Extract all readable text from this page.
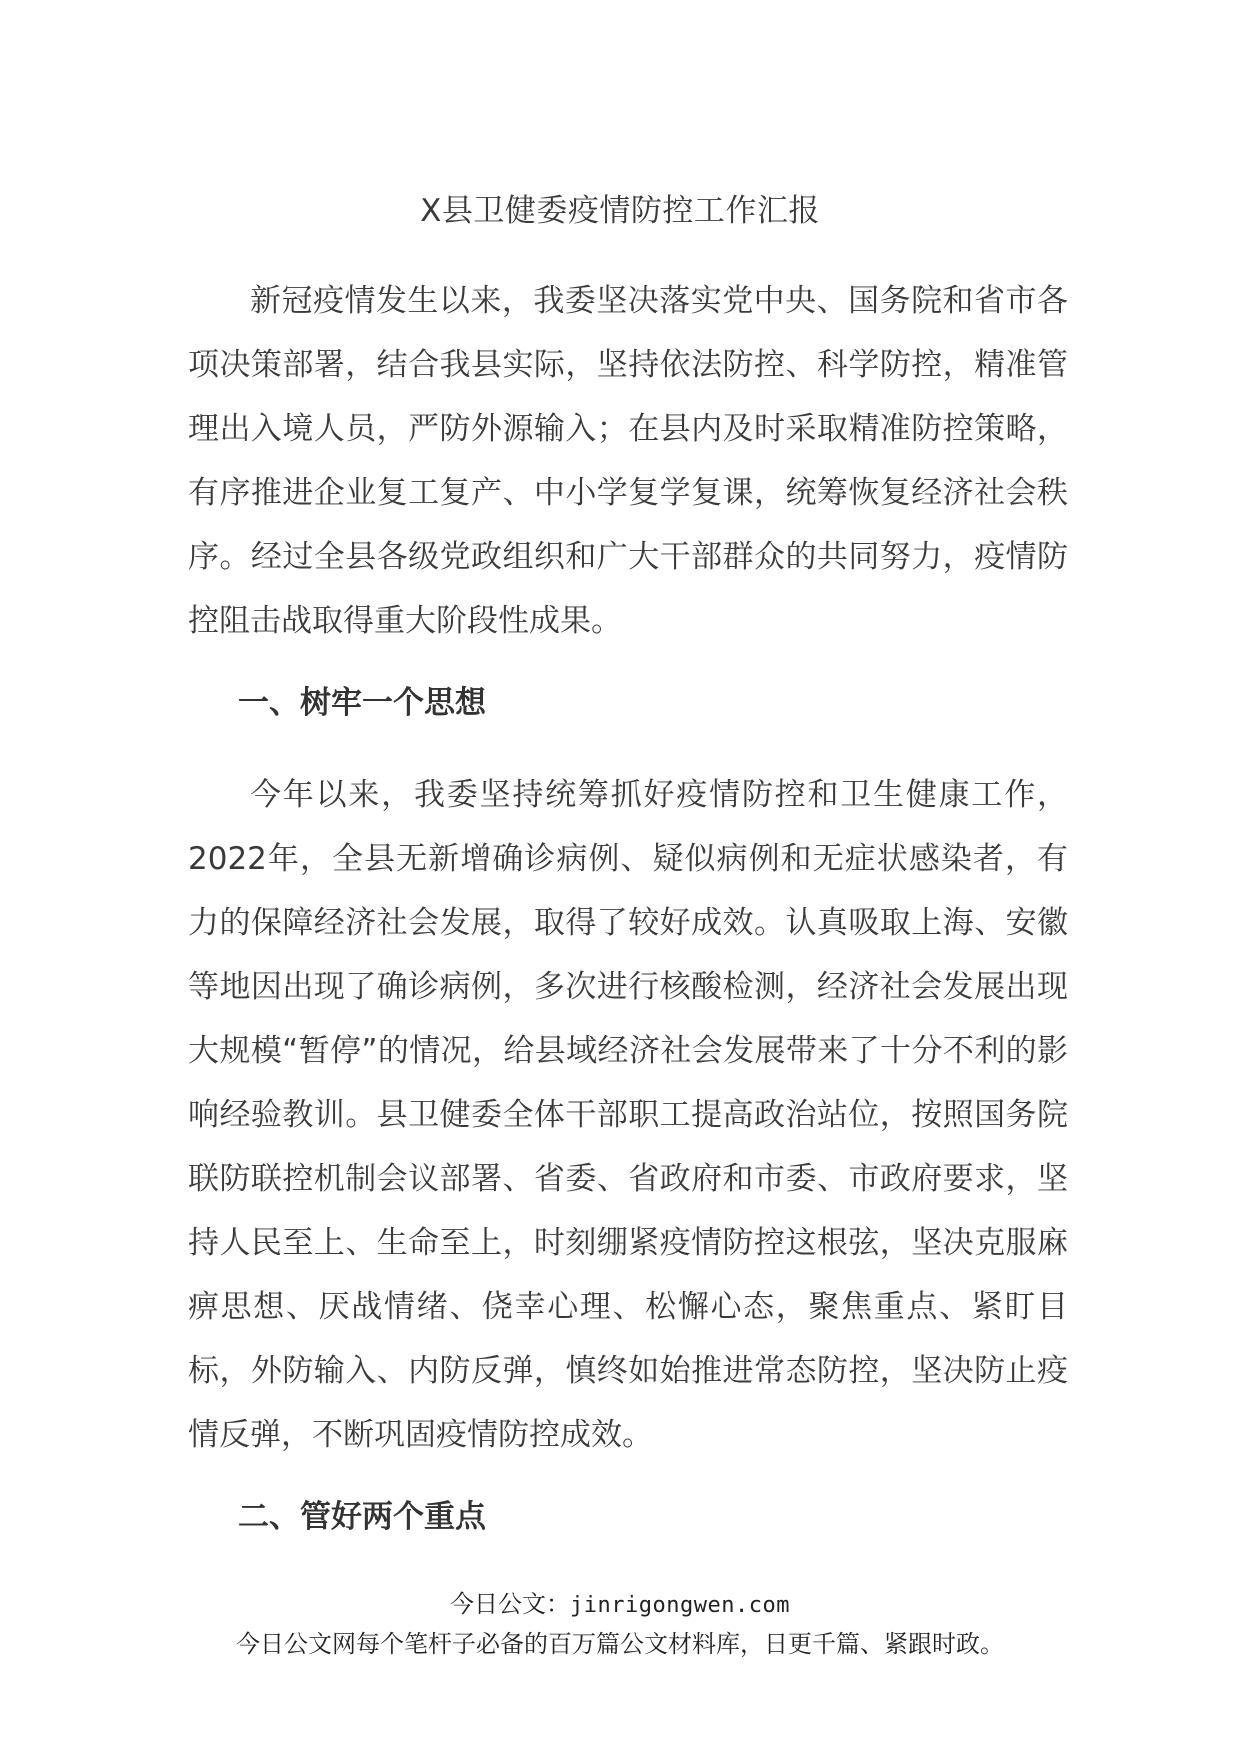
X县卫健委疫情防控工作汇报

新冠疫情发生以来，我委坚决落实党中央、国务院和省市各项决策部署，结合我县实际，坚持依法防控、科学防控，精准管理出入境人员，严防外源输入；在县内及时采取精准防控策略，有序推进企业复工复产、中小学复学复课，统筹恢复经济社会秩序。经过全县各级党政组织和广大干部群众的共同努力，疫情防控阻击战取得重大阶段性成果。

一、树牢一个思想

今年以来，我委坚持统筹抓好疫情防控和卫生健康工作，2022年，全县无新增确诊病例、疑似病例和无症状感染者，有力的保障经济社会发展，取得了较好成效。认真吸取上海、安徽等地因出现了确诊病例，多次进行核酸检测，经济社会发展出现大规模“暂停”的情况，给县域经济社会发展带来了十分不利的影响经验教训。县卫健委全体干部职工提高政治站位，按照国务院联防联控机制会议部署、省委、省政府和市委、市政府要求，坚持人民至上、生命至上，时刻绷紧疫情防控这根弦，坚决克服麻痹思想、厌战情绪、侥幸心理、松懈心态，聚焦重点、紧盯目标，外防输入、内防反弹，慎终如始推进常态防控，坚决防止疫情反弹，不断巩固疫情防控成效。

二、管好两个重点
今日公文：jinrigongwen.com
今日公文网每个笔杆子必备的百万篇公文材料库，日更千篇、紧跟时政。
